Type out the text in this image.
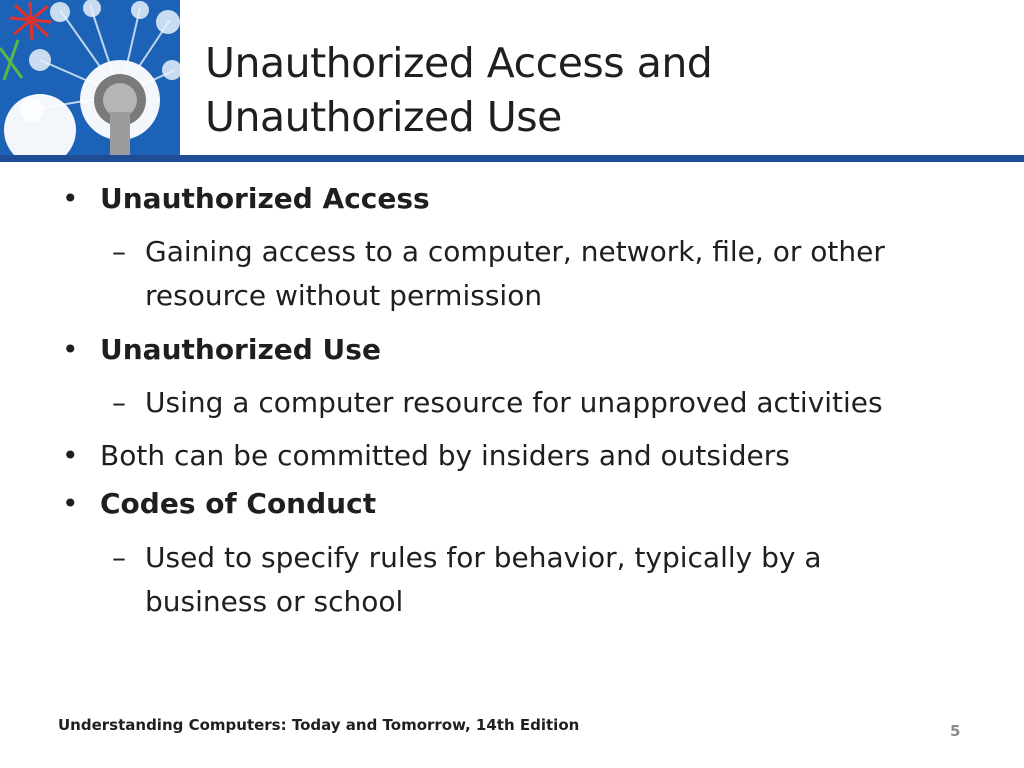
Unauthorized Access and
Unauthorized Use
• Unauthorized Access
– Gaining access to a computer, network, file, or other
resource without permission
• Unauthorized Use
– Using a computer resource for unapproved activities
• Both can be committed by insiders and outsiders
• Codes of Conduct
– Used to specify rules for behavior, typically by a
business or school
Understanding Computers: Today and Tomorrow, 14th Edition	5
